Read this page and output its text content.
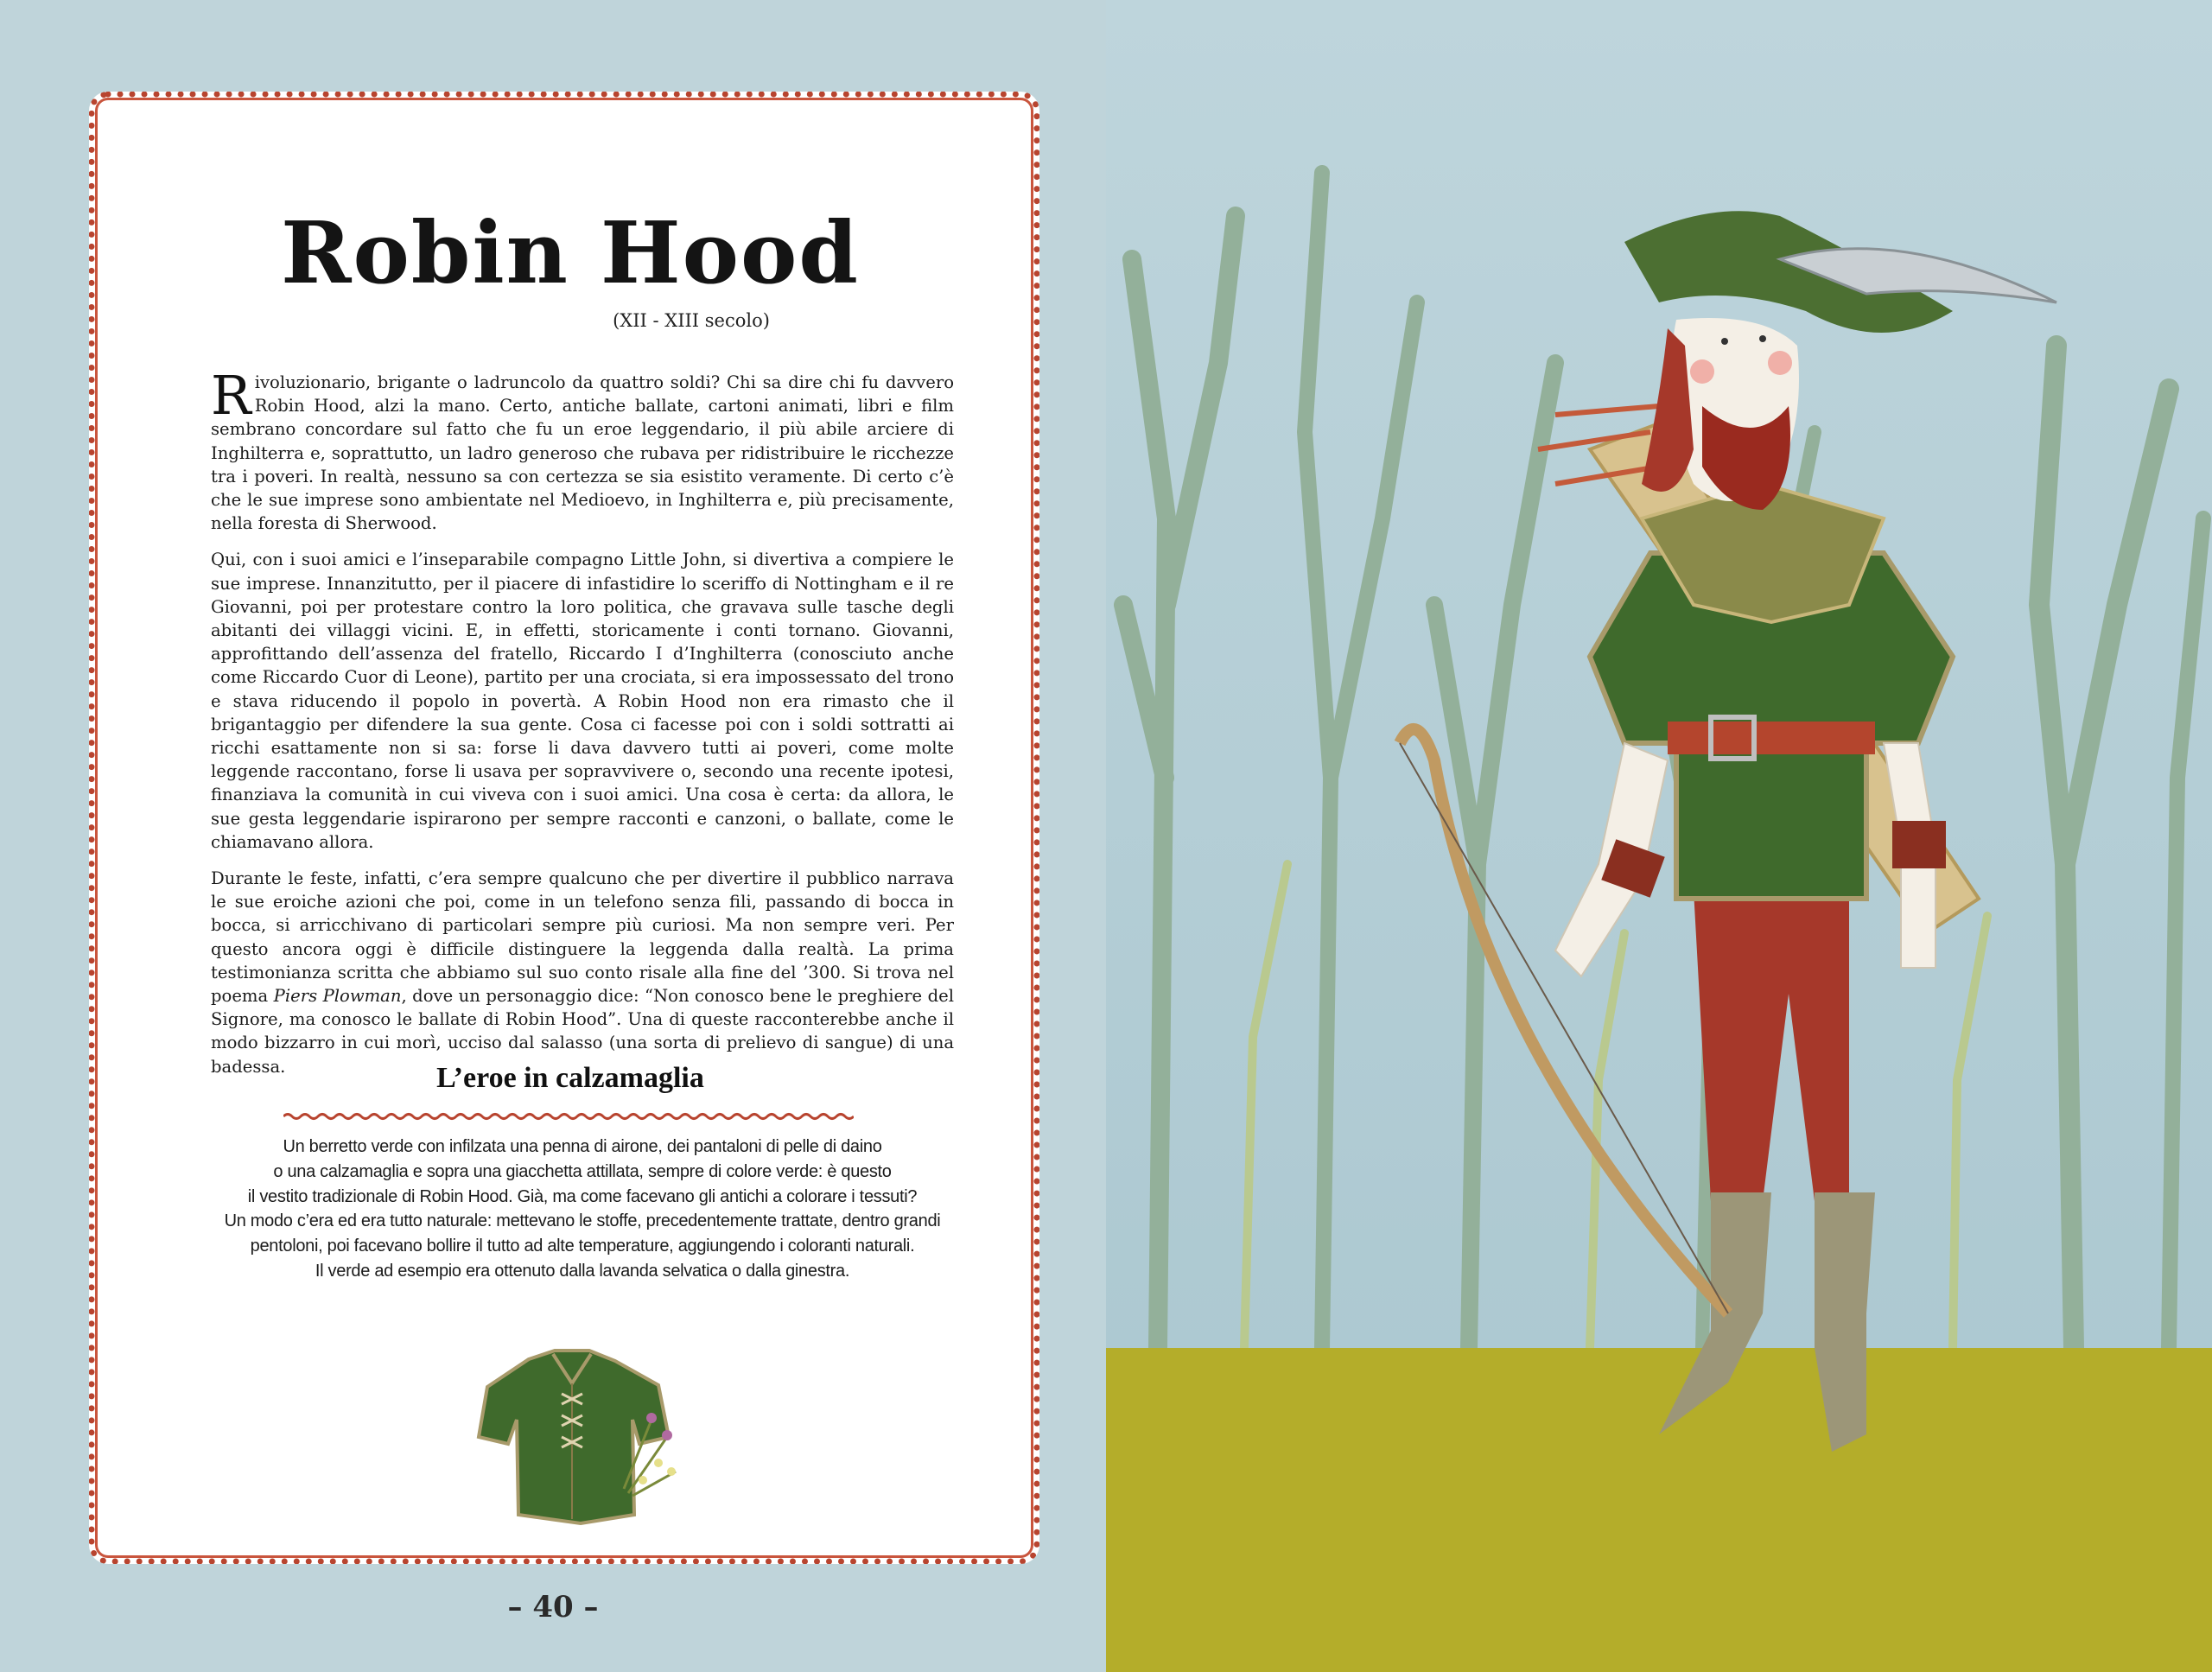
Robin Hood
(XII - XIII secolo)

Rivoluzionario, brigante o ladruncolo da quattro soldi? Chi sa dire chi fu davvero Robin Hood, alzi la mano. Certo, antiche ballate, cartoni animati, libri e film sembrano concordare sul fatto che fu un eroe leggendario, il più abile arciere di Inghilterra e, soprattutto, un ladro generoso che rubava per ridistribuire le ricchezze tra i poveri. In realtà, nessuno sa con certezza se sia esistito veramente. Di certo c’è che le sue imprese sono ambientate nel Medioevo, in Inghilterra e, più precisamente, nella foresta di Sherwood.

Qui, con i suoi amici e l’inseparabile compagno Little John, si divertiva a compiere le sue imprese. Innanzitutto, per il piacere di infastidire lo sceriffo di Nottingham e il re Giovanni, poi per protestare contro la loro politica, che gravava sulle tasche degli abitanti dei villaggi vicini. E, in effetti, storicamente i conti tornano. Giovanni, approfittando dell’assenza del fratello, Riccardo I d’Inghilterra (conosciuto anche come Riccardo Cuor di Leone), partito per una crociata, si era impossessato del trono e stava riducendo il popolo in povertà. A Robin Hood non era rimasto che il brigantaggio per difendere la sua gente. Cosa ci facesse poi con i soldi sottratti ai ricchi esattamente non si sa: forse li dava davvero tutti ai poveri, come molte leggende raccontano, forse li usava per sopravvivere o, secondo una recente ipotesi, finanziava la comunità in cui viveva con i suoi amici. Una cosa è certa: da allora, le sue gesta leggendarie ispirarono per sempre racconti e canzoni, o ballate, come le chiamavano allora.

Durante le feste, infatti, c’era sempre qualcuno che per divertire il pubblico narrava le sue eroiche azioni che poi, come in un telefono senza fili, passando di bocca in bocca, si arricchivano di particolari sempre più curiosi. Ma non sempre veri. Per questo ancora oggi è difficile distinguere la leggenda dalla realtà. La prima testimonianza scritta che abbiamo sul suo conto risale alla fine del ’300. Si trova nel poema Piers Plowman, dove un personaggio dice: “Non conosco bene le preghiere del Signore, ma conosco le ballate di Robin Hood”. Una di queste racconterebbe anche il modo bizzarro in cui morì, ucciso dal salasso (una sorta di prelievo di sangue) di una badessa.	L’eroe in calzamaglia
Un berretto verde con infilzata una penna di airone, dei pantaloni di pelle di daino
o una calzamaglia e sopra una giacchetta attillata, sempre di colore verde: è questo
il vestito tradizionale di Robin Hood. Già, ma come facevano gli antichi a colorare i tessuti?
Un modo c’era ed era tutto naturale: mettevano le stoffe, precedentemente trattate, dentro grandi
pentoloni, poi facevano bollire il tutto ad alte temperature, aggiungendo i coloranti naturali.
Il verde ad esempio era ottenuto dalla lavanda selvatica o dalla ginestra.
– 40 –
